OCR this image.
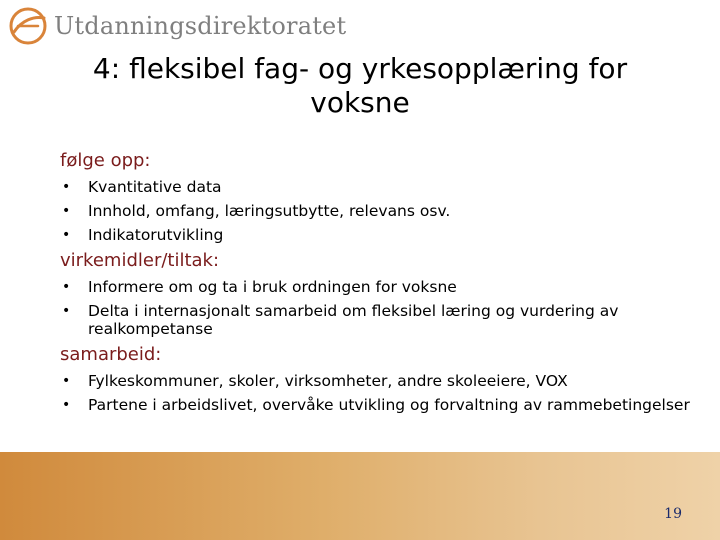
Utdanningsdirektoratet
4: fleksibel fag- og yrkesopplæring for voksne
følge opp:
• Kvantitative data
• Innhold, omfang, læringsutbytte, relevans osv.
• Indikatorutvikling
virkemidler/tiltak:
• Informere om og ta i bruk ordningen for voksne
• Delta i internasjonalt samarbeid om fleksibel læring og vurdering av realkompetanse
samarbeid:
• Fylkeskommuner, skoler, virksomheter, andre skoleeiere, VOX
• Partene i arbeidslivet, overvåke utvikling og forvaltning av rammebetingelser
19
